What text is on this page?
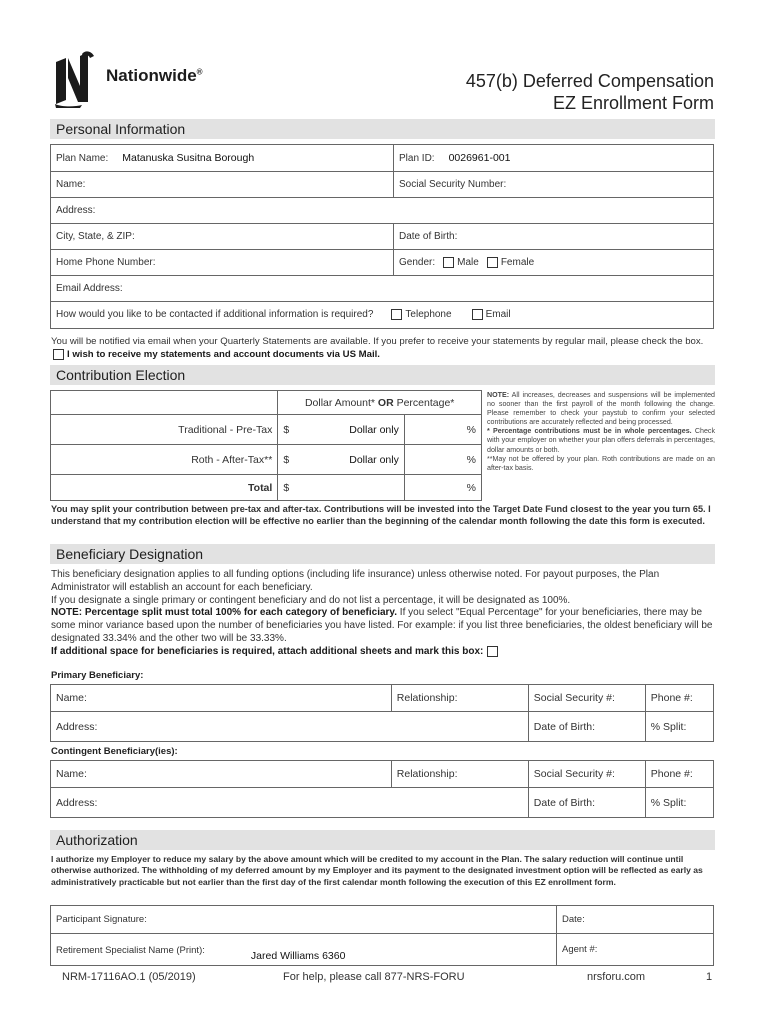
Nationwide®	457(b) Deferred Compensation
EZ Enrollment Form
Personal Information
Plan Name: Matanuska Susitna Borough	Plan ID: 0026961-001
Name:	Social Security Number:
Address:	
City, State, & ZIP:	Date of Birth:
Home Phone Number:	Gender: Male Female
Email Address:	
How would you like to be contacted if additional information is required? Telephone Email	
You will be notified via email when your Quarterly Statements are available. If you prefer to receive your statements by regular mail, please check the box. I wish to receive my statements and account documents via US Mail.
Contribution Election
	Dollar Amount* OR Percentage*			
Traditional - Pre-Tax	$	Dollar only		%
Roth - After-Tax**	$	Dollar only		%
Total	$			%
NOTE: All increases, decreases and suspensions will be implemented no sooner than the first payroll of the month following the change. Please remember to check your paystub to confirm your selected contributions are accurately reflected and being processed.
* Percentage contributions must be in whole percentages. Check with your employer on whether your plan offers deferrals in percentages, dollar amounts or both.
**May not be offered by your plan. Roth contributions are made on an after-tax basis.
You may split your contribution between pre-tax and after-tax. Contributions will be invested into the Target Date Fund closest to the year you turn 65. I understand that my contribution election will be effective no earlier than the beginning of the calendar month following the date this form is executed.
Beneficiary Designation
This beneficiary designation applies to all funding options (including life insurance) unless otherwise noted. For payout purposes, the Plan Administrator will establish an account for each beneficiary.
If you designate a single primary or contingent beneficiary and do not list a percentage, it will be designated as 100%.
NOTE: Percentage split must total 100% for each category of beneficiary. If you select "Equal Percentage" for your beneficiaries, there may be some minor variance based upon the number of beneficiaries you have listed. For example: if you list three beneficiaries, the oldest beneficiary will be designated 33.34% and the other two will be 33.33%.
If additional space for beneficiaries is required, attach additional sheets and mark this box:
Primary Beneficiary:
Name:	Relationship:	Social Security #:	Phone #:
Address:		Date of Birth:	% Split:
Contingent Beneficiary(ies):
Name:	Relationship:	Social Security #:	Phone #:
Address:		Date of Birth:	% Split:
Authorization
I authorize my Employer to reduce my salary by the above amount which will be credited to my account in the Plan. The salary reduction will continue until otherwise authorized. The withholding of my deferred amount by my Employer and its payment to the designated investment option will be reflected as early as administratively practicable but not earlier than the first day of the first calendar month following the execution of this EZ enrollment form.
Participant Signature:	Date:
Retirement Specialist Name (Print): Jared Williams 6360	Agent #:
NRM-17116AO.1 (05/2019)	For help, please call 877-NRS-FORU	nrsforu.com	1
